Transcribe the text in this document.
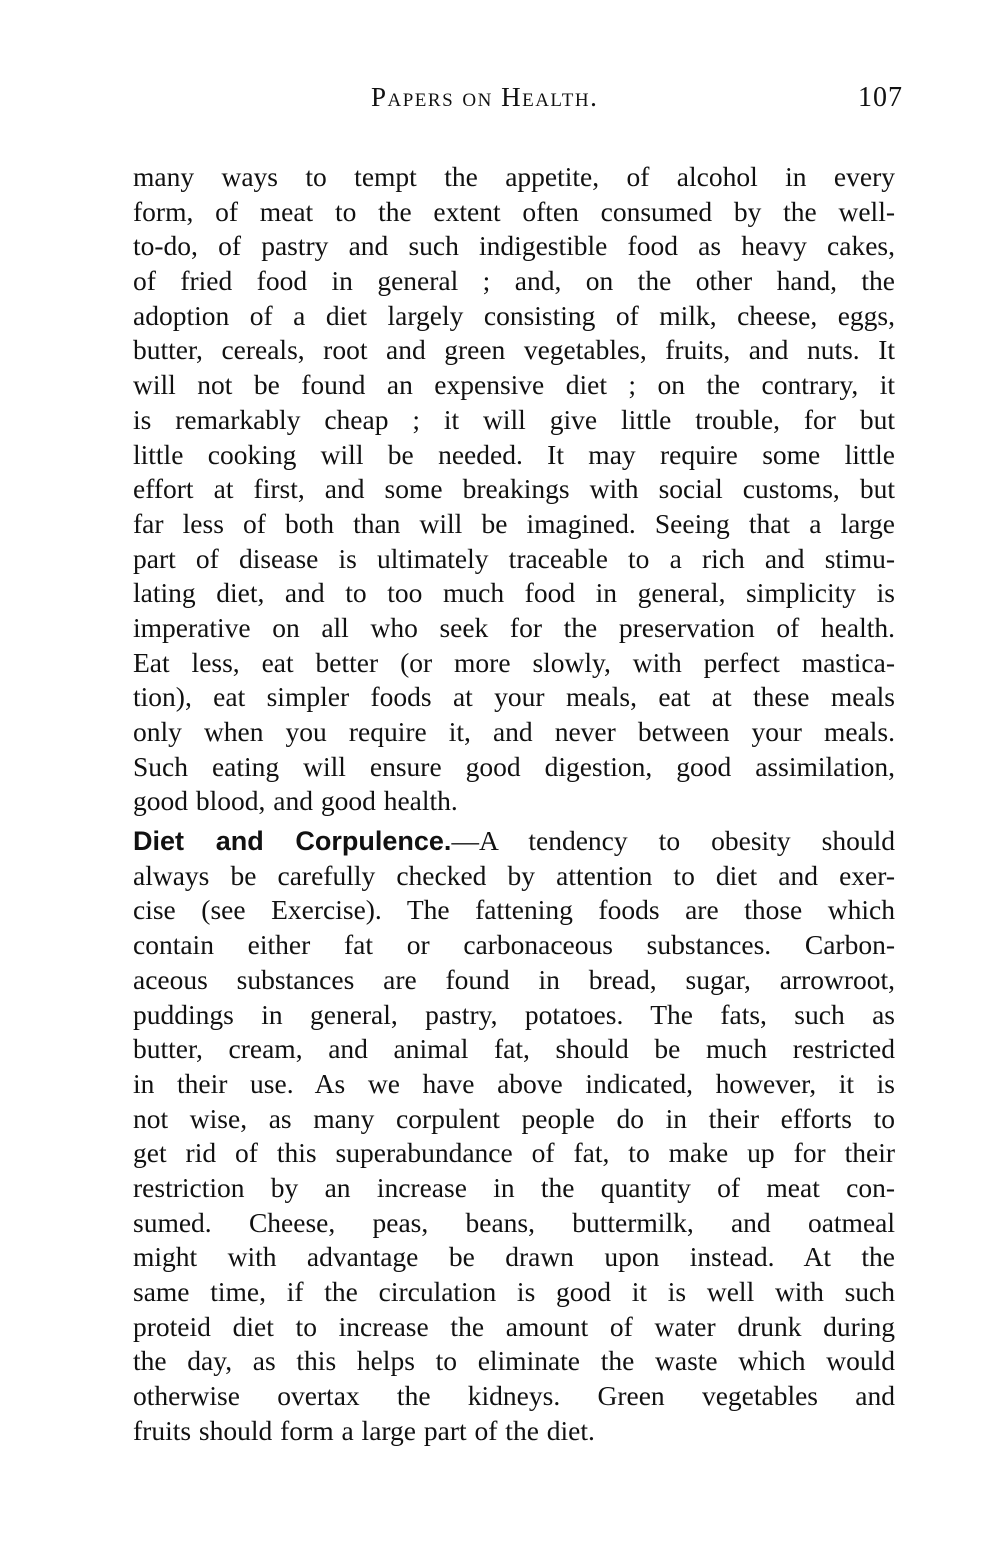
Papers on Health.	107
many ways to tempt the appetite, of alcohol in every
form, of meat to the extent often consumed by the well-
to-do, of pastry and such indigestible food as heavy cakes,
of fried food in general ; and, on the other hand, the
adoption of a diet largely consisting of milk, cheese, eggs,
butter, cereals, root and green vegetables, fruits, and nuts. It
will not be found an expensive diet ; on the contrary, it
is remarkably cheap ; it will give little trouble, for but
little cooking will be needed. It may require some little
effort at first, and some breakings with social customs, but
far less of both than will be imagined. Seeing that a large
part of disease is ultimately traceable to a rich and stimu-
lating diet, and to too much food in general, simplicity is
imperative on all who seek for the preservation of health.
Eat less, eat better (or more slowly, with perfect mastica-
tion), eat simpler foods at your meals, eat at these meals
only when you require it, and never between your meals.
Such eating will ensure good digestion, good assimilation,
good blood, and good health.
Diet and Corpulence.—A tendency to obesity should
always be carefully checked by attention to diet and exer-
cise (see Exercise). The fattening foods are those which
contain either fat or carbonaceous substances. Carbon-
aceous substances are found in bread, sugar, arrowroot,
puddings in general, pastry, potatoes. The fats, such as
butter, cream, and animal fat, should be much restricted
in their use. As we have above indicated, however, it is
not wise, as many corpulent people do in their efforts to
get rid of this superabundance of fat, to make up for their
restriction by an increase in the quantity of meat con-
sumed. Cheese, peas, beans, buttermilk, and oatmeal
might with advantage be drawn upon instead. At the
same time, if the circulation is good it is well with such
proteid diet to increase the amount of water drunk during
the day, as this helps to eliminate the waste which would
otherwise overtax the kidneys. Green vegetables and
fruits should form a large part of the diet.
